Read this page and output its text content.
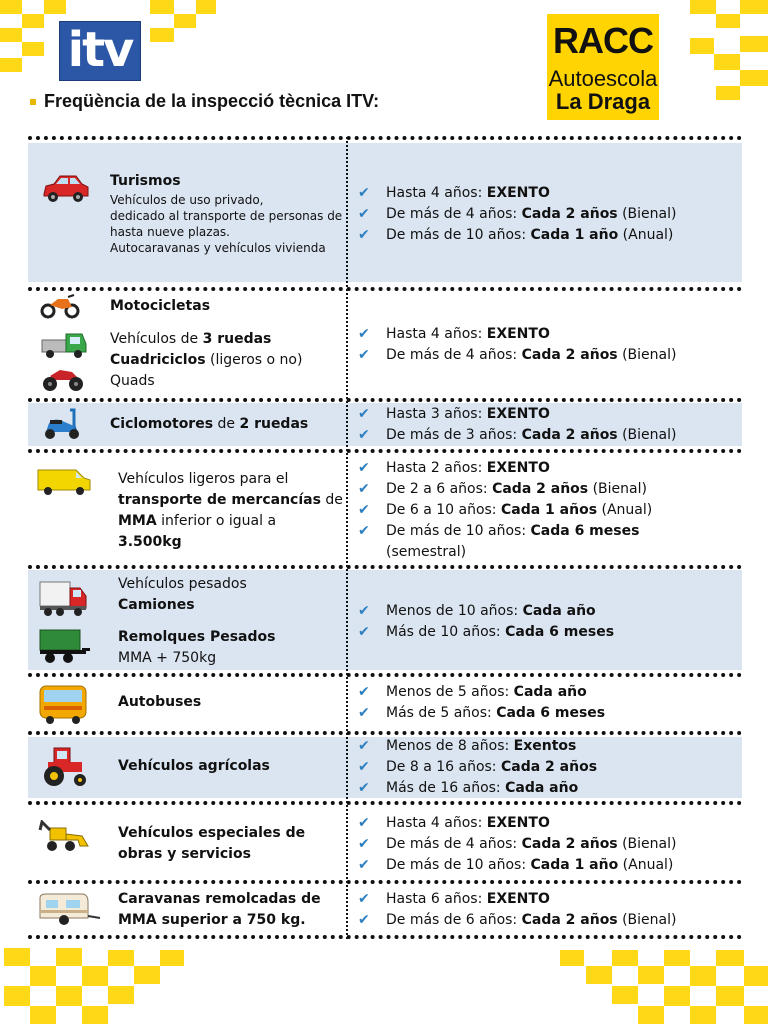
itv	RACC
Autoescola
La Draga
Freqüència de la inspecció tècnica ITV:
Turismos
Vehículos de uso privado,
dedicado al transporte de personas de
hasta nueve plazas.
Autocaravanas y vehículos vivienda
Motocicletas
Vehículos de 3 ruedas
Cuadriciclos (ligeros o no)
Quads
Ciclomotores de 2 ruedas
Vehículos ligeros para el
transporte de mercancías de
MMA inferior o igual a
3.500kg
Vehículos pesados
Camiones
Remolques Pesados
MMA + 750kg
Autobuses
Vehículos agrícolas
Vehículos especiales de
obras y servicios
Caravanas remolcadas de
MMA superior a 750 kg.
✔ Hasta 4 años: EXENTO
✔ De más de 4 años: Cada 2 años (Bienal)
✔ De más de 10 años: Cada 1 año (Anual)
✔ Hasta 4 años: EXENTO
✔ De más de 4 años: Cada 2 años (Bienal)
✔ Hasta 3 años: EXENTO
✔ De más de 3 años: Cada 2 años (Bienal)
✔ Hasta 2 años: EXENTO
✔ De 2 a 6 años: Cada 2 años (Bienal)
✔ De 6 a 10 años: Cada 1 años (Anual)
✔ De más de 10 años: Cada 6 meses
(semestral)
✔ Menos de 10 años: Cada año
✔ Más de 10 años: Cada 6 meses
✔ Menos de 5 años: Cada año
✔ Más de 5 años: Cada 6 meses
✔ Menos de 8 años: Exentos
✔ De 8 a 16 años: Cada 2 años
✔ Más de 16 años: Cada año
✔ Hasta 4 años: EXENTO
✔ De más de 4 años: Cada 2 años (Bienal)
✔ De más de 10 años: Cada 1 año (Anual)
✔ Hasta 6 años: EXENTO
✔ De más de 6 años: Cada 2 años (Bienal)
